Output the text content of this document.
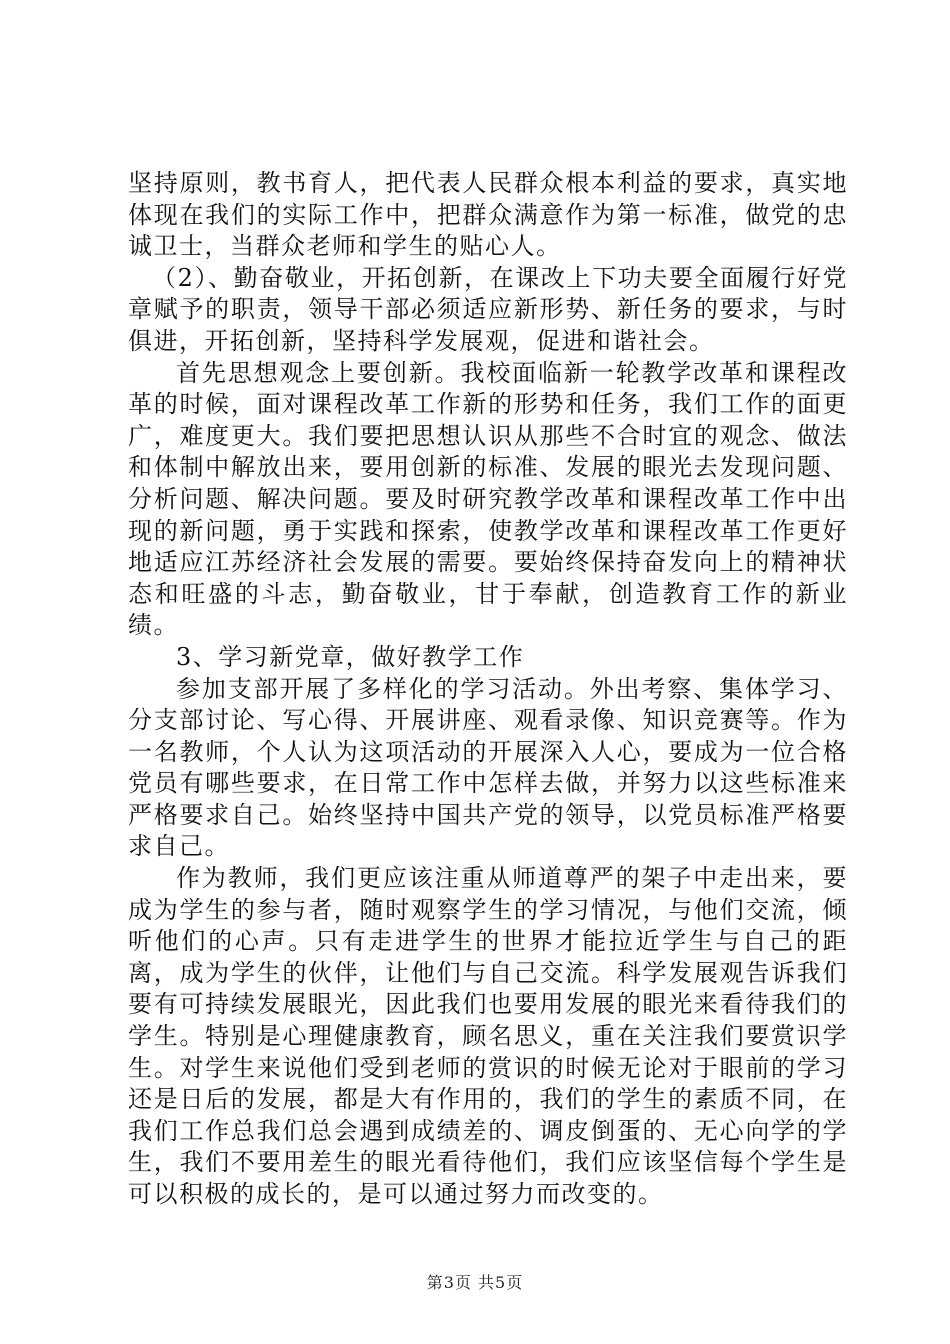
坚持原则，教书育人，把代表人民群众根本利益的要求，真实地体现在我们的实际工作中，把群众满意作为第一标准，做党的忠诚卫士，当群众老师和学生的贴心人。

（2）、勤奋敬业，开拓创新，在课改上下功夫要全面履行好党章赋予的职责，领导干部必须适应新形势、新任务的要求，与时俱进，开拓创新，坚持科学发展观，促进和谐社会。

首先思想观念上要创新。我校面临新一轮教学改革和课程改革的时候，面对课程改革工作新的形势和任务，我们工作的面更广，难度更大。我们要把思想认识从那些不合时宜的观念、做法和体制中解放出来，要用创新的标准、发展的眼光去发现问题、分析问题、解决问题。要及时研究教学改革和课程改革工作中出现的新问题，勇于实践和探索，使教学改革和课程改革工作更好地适应江苏经济社会发展的需要。要始终保持奋发向上的精神状态和旺盛的斗志，勤奋敬业，甘于奉献，创造教育工作的新业绩。

3、学习新党章，做好教学工作

参加支部开展了多样化的学习活动。外出考察、集体学习、分支部讨论、写心得、开展讲座、观看录像、知识竞赛等。作为一名教师，个人认为这项活动的开展深入人心，要成为一位合格党员有哪些要求，在日常工作中怎样去做，并努力以这些标准来严格要求自己。始终坚持中国共产党的领导，以党员标准严格要求自己。

作为教师，我们更应该注重从师道尊严的架子中走出来，要成为学生的参与者，随时观察学生的学习情况，与他们交流，倾听他们的心声。只有走进学生的世界才能拉近学生与自己的距离，成为学生的伙伴，让他们与自己交流。科学发展观告诉我们要有可持续发展眼光，因此我们也要用发展的眼光来看待我们的学生。特别是心理健康教育，顾名思义，重在关注我们要赏识学生。对学生来说他们受到老师的赏识的时候无论对于眼前的学习还是日后的发展，都是大有作用的，我们的学生的素质不同，在我们工作总我们总会遇到成绩差的、调皮倒蛋的、无心向学的学生，我们不要用差生的眼光看待他们，我们应该坚信每个学生是可以积极的成长的，是可以通过努力而改变的。

第3页 共5页
